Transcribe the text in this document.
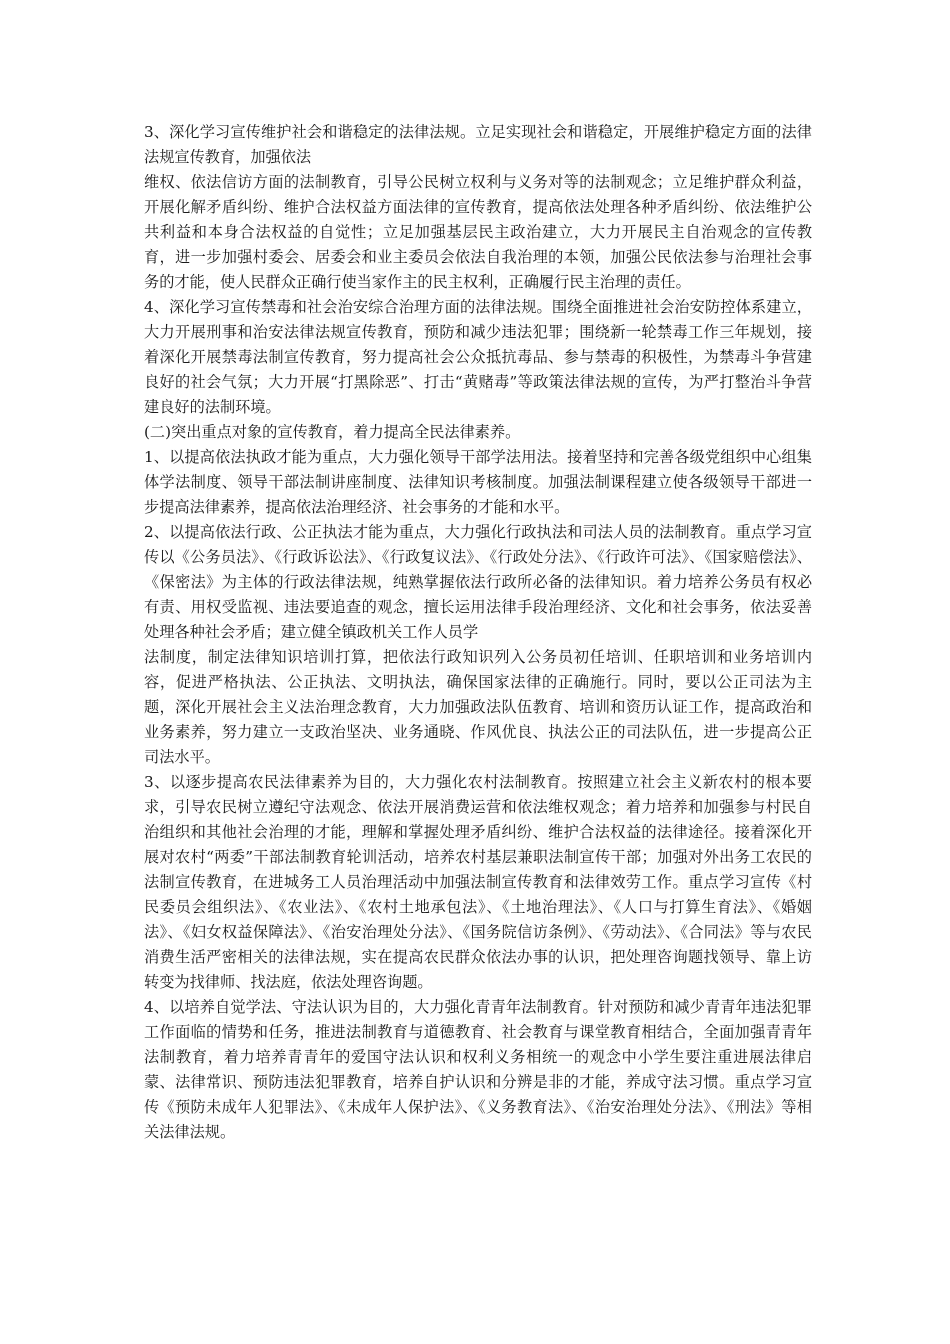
3、深化学习宣传维护社会和谐稳定的法律法规。立足实现社会和谐稳定，开展维护稳定方面的法律法规宣传教育，加强依法

维权、依法信访方面的法制教育，引导公民树立权利与义务对等的法制观念；立足维护群众利益，开展化解矛盾纠纷、维护合法权益方面法律的宣传教育，提高依法处理各种矛盾纠纷、依法维护公共利益和本身合法权益的自觉性；立足加强基层民主政治建立，大力开展民主自治观念的宣传教育，进一步加强村委会、居委会和业主委员会依法自我治理的本领，加强公民依法参与治理社会事务的才能，使人民群众正确行使当家作主的民主权利，正确履行民主治理的责任。

4、深化学习宣传禁毒和社会治安综合治理方面的法律法规。围绕全面推进社会治安防控体系建立，大力开展刑事和治安法律法规宣传教育，预防和减少违法犯罪；围绕新一轮禁毒工作三年规划，接着深化开展禁毒法制宣传教育，努力提高社会公众抵抗毒品、参与禁毒的积极性，为禁毒斗争营建良好的社会气氛；大力开展“打黑除恶”、打击“黄赌毒”等政策法律法规的宣传，为严打整治斗争营建良好的法制环境。

(二)突出重点对象的宣传教育，着力提高全民法律素养。

1、以提高依法执政才能为重点，大力强化领导干部学法用法。接着坚持和完善各级党组织中心组集体学法制度、领导干部法制讲座制度、法律知识考核制度。加强法制课程建立使各级领导干部进一步提高法律素养，提高依法治理经济、社会事务的才能和水平。

2、以提高依法行政、公正执法才能为重点，大力强化行政执法和司法人员的法制教育。重点学习宣传以《公务员法》、《行政诉讼法》、《行政复议法》、《行政处分法》、《行政许可法》、《国家赔偿法》、《保密法》为主体的行政法律法规，纯熟掌握依法行政所必备的法律知识。着力培养公务员有权必有责、用权受监视、违法要追查的观念，擅长运用法律手段治理经济、文化和社会事务，依法妥善处理各种社会矛盾；建立健全镇政机关工作人员学

法制度，制定法律知识培训打算，把依法行政知识列入公务员初任培训、任职培训和业务培训内容，促进严格执法、公正执法、文明执法，确保国家法律的正确施行。同时，要以公正司法为主题，深化开展社会主义法治理念教育，大力加强政法队伍教育、培训和资历认证工作，提高政治和业务素养，努力建立一支政治坚决、业务通晓、作风优良、执法公正的司法队伍，进一步提高公正司法水平。

3、以逐步提高农民法律素养为目的，大力强化农村法制教育。按照建立社会主义新农村的根本要求，引导农民树立遵纪守法观念、依法开展消费运营和依法维权观念；着力培养和加强参与村民自治组织和其他社会治理的才能，理解和掌握处理矛盾纠纷、维护合法权益的法律途径。接着深化开展对农村“两委”干部法制教育轮训活动，培养农村基层兼职法制宣传干部；加强对外出务工农民的法制宣传教育，在进城务工人员治理活动中加强法制宣传教育和法律效劳工作。重点学习宣传《村民委员会组织法》、《农业法》、《农村土地承包法》、《土地治理法》、《人口与打算生育法》、《婚姻法》、《妇女权益保障法》、《治安治理处分法》、《国务院信访条例》、《劳动法》、《合同法》等与农民消费生活严密相关的法律法规，实在提高农民群众依法办事的认识，把处理咨询题找领导、靠上访转变为找律师、找法庭，依法处理咨询题。

4、以培养自觉学法、守法认识为目的，大力强化青青年法制教育。针对预防和减少青青年违法犯罪工作面临的情势和任务，推进法制教育与道德教育、社会教育与课堂教育相结合，全面加强青青年法制教育，着力培养青青年的爱国守法认识和权利义务相统一的观念中小学生要注重进展法律启蒙、法律常识、预防违法犯罪教育，培养自护认识和分辨是非的才能，养成守法习惯。重点学习宣传《预防未成年人犯罪法》、《未成年人保护法》、《义务教育法》、《治安治理处分法》、《刑法》等相关法律法规。
